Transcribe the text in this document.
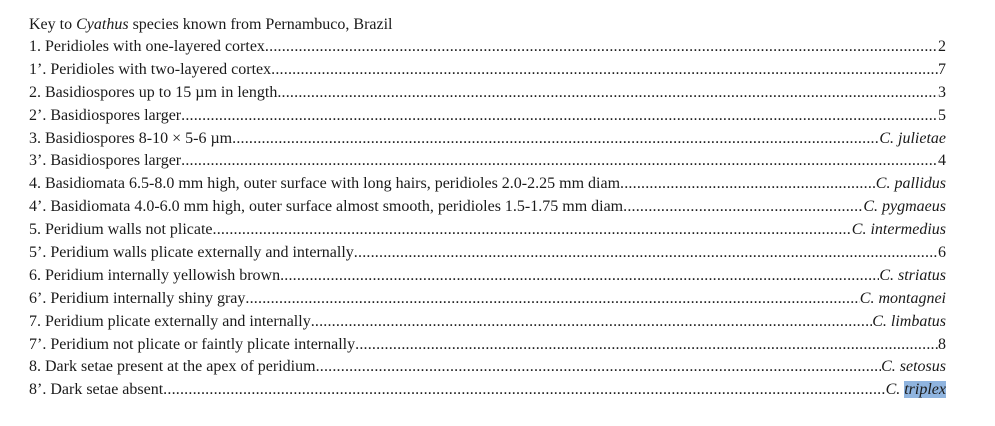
Key to Cyathus species known from Pernambuco, Brazil
1. Peridioles with one-layered cortex .....	2
1’. Peridioles with two-layered cortex .....	7
2. Basidiospores up to 15 µm in length .....	3
2’. Basidiospores larger .....	5
3. Basidiospores 8-10 × 5-6 µm .....	C. julietae
3’. Basidiospores larger .....	4
4. Basidiomata 6.5-8.0 mm high, outer surface with long hairs, peridioles 2.0-2.25 mm diam .....	C. pallidus
4’. Basidiomata 4.0-6.0 mm high, outer surface almost smooth, peridioles 1.5-1.75 mm diam .....	C. pygmaeus
5. Peridium walls not plicate .....	C. intermedius
5’. Peridium walls plicate externally and internally .....	6
6. Peridium internally yellowish brown .....	C. striatus
6’. Peridium internally shiny gray .....	C. montagnei
7. Peridium plicate externally and internally .....	C. limbatus
7’. Peridium not plicate or faintly plicate internally .....	8
8. Dark setae present at the apex of peridium .....	C. setosus
8’. Dark setae absent .....	C. triplex
